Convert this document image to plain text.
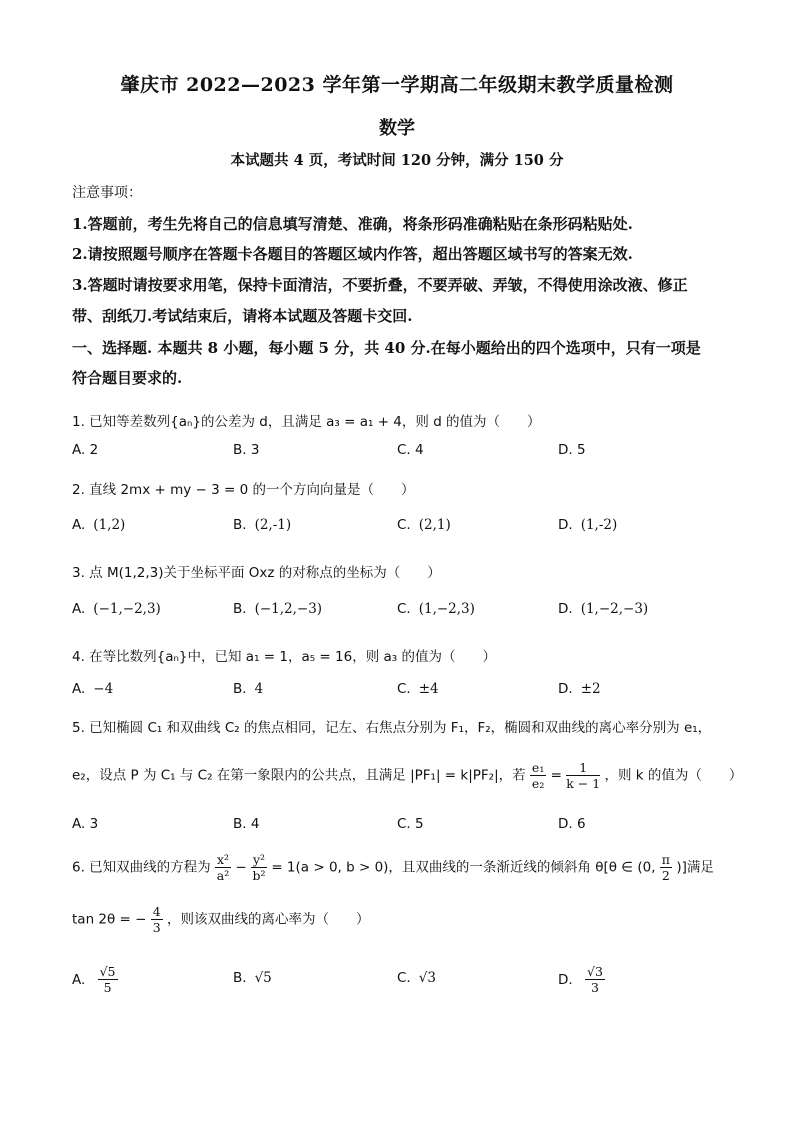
肇庆市 2022—2023 学年第一学期高二年级期末教学质量检测
数学
本试题共 4 页，考试时间 120 分钟，满分 150 分
注意事项：
1.答题前，考生先将自己的信息填写清楚、准确，将条形码准确粘贴在条形码粘贴处.
2.请按照题号顺序在答题卡各题目的答题区域内作答，超出答题区域书写的答案无效.
3.答题时请按要求用笔，保持卡面清洁，不要折叠，不要弄破、弄皱，不得使用涂改液、修正
带、刮纸刀.考试结束后，请将本试题及答题卡交回.
一、选择题. 本题共 8 小题，每小题 5 分，共 40 分.在每小题给出的四个选项中，只有一项是
符合题目要求的.
1. 已知等差数列{aₙ}的公差为 d，且满足 a₃ = a₁ + 4，则 d 的值为（　　）
A. 2	B. 3	C. 4	D. 5
2. 直线 2mx + my − 3 = 0 的一个方向向量是（　　）
A. (1,2)	B. (2,-1)	C. (2,1)	D. (1,-2)
3. 点 M(1,2,3)关于坐标平面 Oxz 的对称点的坐标为（　　）
A. (−1,−2,3)	B. (−1,2,−3)	C. (1,−2,3)	D. (1,−2,−3)
4. 在等比数列{aₙ}中，已知 a₁ = 1，a₅ = 16，则 a₃ 的值为（　　）
A. −4	B. 4	C. ±4	D. ±2
5. 已知椭圆 C₁ 和双曲线 C₂ 的焦点相同，记左、右焦点分别为 F₁，F₂，椭圆和双曲线的离心率分别为 e₁，
e₂，设点 P 为 C₁ 与 C₂ 在第一象限内的公共点，且满足 |PF₁| = k|PF₂|，若 $\frac{\text{e₁}}{\text{e₂}} = \frac{1}{k - 1}$ ，则 k 的值为（　　）
A. 3	B. 4	C. 5	D. 6
6. 已知双曲线的方程为 $\frac{\text{x²}}{\text{a²}} - \frac{\text{y²}}{\text{b²}} = 1(a > 0$, b > 0)，且双曲线的一条渐近线的倾斜角 θ[θ ∈ (0, $\frac{\pi}{2}$ )]满足
tan 2θ = − $\frac{4}{3}$ ，则该双曲线的离心率为（　　）
A. $\frac{√5}{5}$	B. √5	C. √3	D. $\frac{√3}{3}$
